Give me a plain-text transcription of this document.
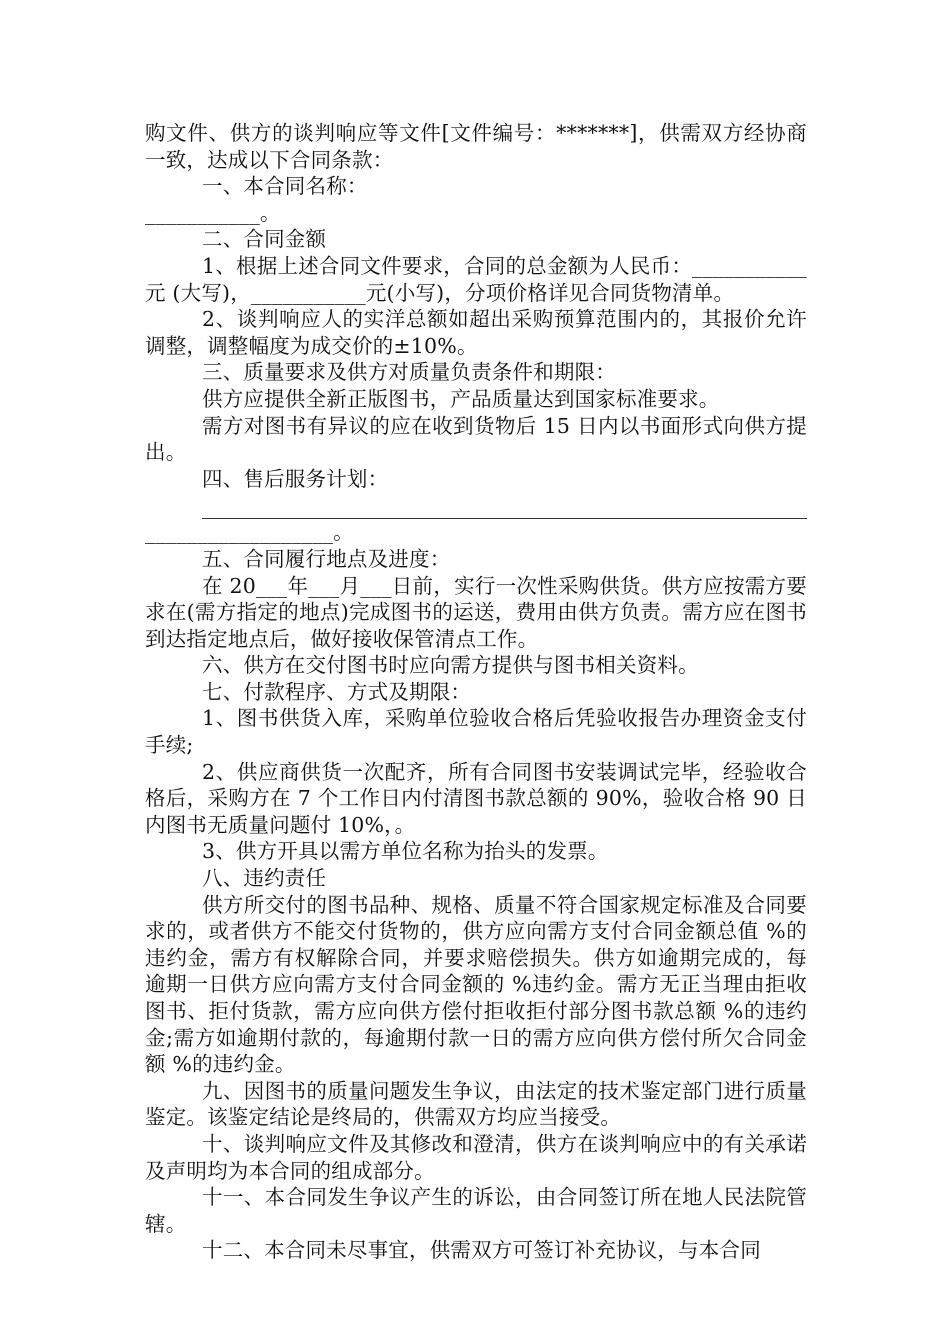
购文件、供方的谈判响应等文件[文件编号：*******]，供需双方经协商一致，达成以下合同条款：

一、本合同名称：

___________。

二、合同金额

1、根据上述合同文件要求，合同的总金额为人民币：___________元 (大写)，___________元(小写)，分项价格详见合同货物清单。

2、谈判响应人的实洋总额如超出采购预算范围内的，其报价允许调整，调整幅度为成交价的±10%。

三、质量要求及供方对质量负责条件和期限：

供方应提供全新正版图书，产品质量达到国家标准要求。

需方对图书有异议的应在收到货物后 15 日内以书面形式向供方提出。

四、售后服务计划：

__________________。

五、合同履行地点及进度：

在 20___年___月___日前，实行一次性采购供货。供方应按需方要求在(需方指定的地点)完成图书的运送，费用由供方负责。需方应在图书到达指定地点后，做好接收保管清点工作。

六、供方在交付图书时应向需方提供与图书相关资料。

七、付款程序、方式及期限：

1、图书供货入库，采购单位验收合格后凭验收报告办理资金支付手续;

2、供应商供货一次配齐，所有合同图书安装调试完毕，经验收合格后，采购方在 7 个工作日内付清图书款总额的 90%，验收合格 90 日内图书无质量问题付 10%，。

3、供方开具以需方单位名称为抬头的发票。

八、违约责任

供方所交付的图书品种、规格、质量不符合国家规定标准及合同要求的，或者供方不能交付货物的，供方应向需方支付合同金额总值 %的违约金，需方有权解除合同，并要求赔偿损失。供方如逾期完成的，每逾期一日供方应向需方支付合同金额的 %违约金。需方无正当理由拒收图书、拒付货款，需方应向供方偿付拒收拒付部分图书款总额 %的违约金;需方如逾期付款的，每逾期付款一日的需方应向供方偿付所欠合同金额 %的违约金。

九、因图书的质量问题发生争议，由法定的技术鉴定部门进行质量鉴定。该鉴定结论是终局的，供需双方均应当接受。

十、谈判响应文件及其修改和澄清，供方在谈判响应中的有关承诺及声明均为本合同的组成部分。

十一、本合同发生争议产生的诉讼，由合同签订所在地人民法院管辖。

十二、本合同未尽事宜，供需双方可签订补充协议，与本合同
